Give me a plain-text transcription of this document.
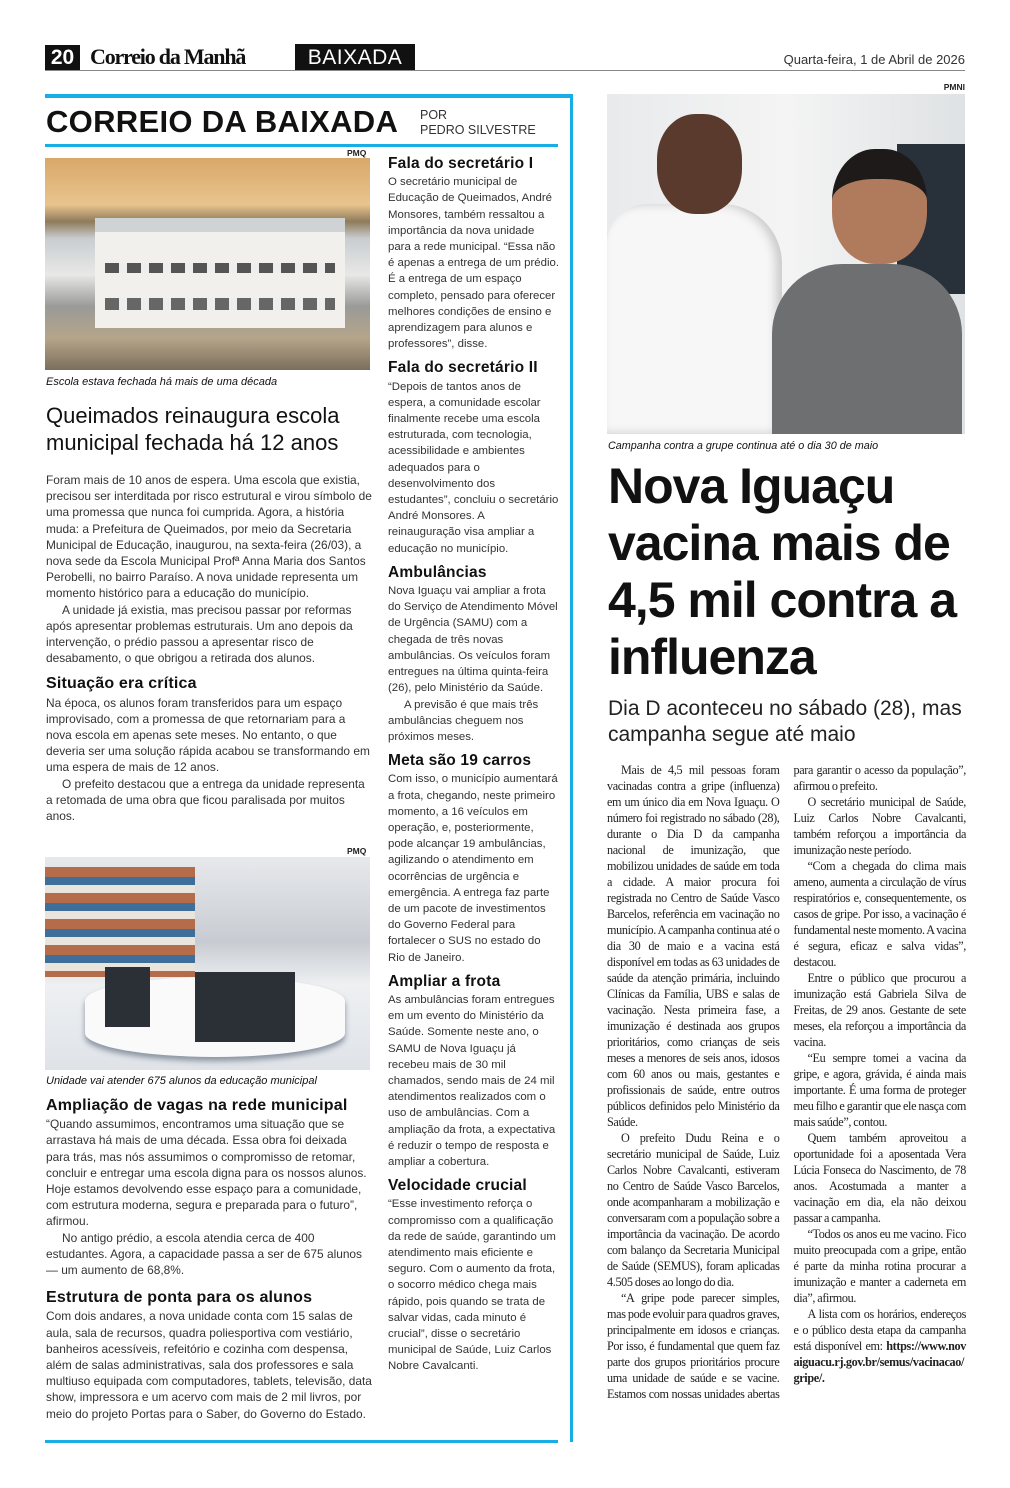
20 Correio da Manhã	BAIXADA	Quarta-feira, 1 de Abril de 2026
CORREIO DA BAIXADA POR
PEDRO SILVESTRE
PMQ
Escola estava fechada há mais de uma década
Queimados reinaugura escola municipal fechada há 12 anos

Foram mais de 10 anos de espera. Uma escola que existia, precisou ser interditada por risco estrutural e virou símbolo de uma promessa que nunca foi cumprida. Agora, a história muda: a Prefeitura de Queimados, por meio da Secretaria Municipal de Educação, inaugurou, na sexta-feira (26/03), a nova sede da Escola Municipal Profª Anna Maria dos Santos Perobelli, no bairro Paraíso. A nova unidade representa um momento histórico para a educação do município.

A unidade já existia, mas precisou passar por reformas após apresentar problemas estruturais. Um ano depois da intervenção, o prédio passou a apresentar risco de desabamento, o que obrigou a retirada dos alunos.

Situação era crítica

Na época, os alunos foram transferidos para um espaço improvisado, com a promessa de que retornariam para a nova escola em apenas sete meses. No entanto, o que deveria ser uma solução rápida acabou se transformando em uma espera de mais de 12 anos.

O prefeito destacou que a entrega da unidade representa a retomada de uma obra que ficou paralisada por muitos anos.

PMQ
Unidade vai atender 675 alunos da educação municipal
Ampliação de vagas na rede municipal

“Quando assumimos, encontramos uma situação que se arrastava há mais de uma década. Essa obra foi deixada para trás, mas nós assumimos o compromisso de retomar, concluir e entregar uma escola digna para os nossos alunos. Hoje estamos devolvendo esse espaço para a comunidade, com estrutura moderna, segura e preparada para o futuro”, afirmou.

No antigo prédio, a escola atendia cerca de 400 estudantes. Agora, a capacidade passa a ser de 675 alunos — um aumento de 68,8%.

Estrutura de ponta para os alunos

Com dois andares, a nova unidade conta com 15 salas de aula, sala de recursos, quadra poliesportiva com vestiário, banheiros acessíveis, refeitório e cozinha com despensa, além de salas administrativas, sala dos professores e sala multiuso equipada com computadores, tablets, televisão, data show, impressora e um acervo com mais de 2 mil livros, por meio do projeto Portas para o Saber, do Governo do Estado.

Fala do secretário I

O secretário municipal de Educação de Queimados, André Monsores, também ressaltou a importância da nova unidade para a rede municipal. “Essa não é apenas a entrega de um prédio. É a entrega de um espaço completo, pensado para oferecer melhores condições de ensino e aprendizagem para alunos e professores”, disse.

Fala do secretário II

“Depois de tantos anos de espera, a comunidade escolar finalmente recebe uma escola estruturada, com tecnologia, acessibilidade e ambientes adequados para o desenvolvimento dos estudantes”, concluiu o secretário André Monsores. A reinauguração visa ampliar a educação no município.

Ambulâncias

Nova Iguaçu vai ampliar a frota do Serviço de Atendimento Móvel de Urgência (SAMU) com a chegada de três novas ambulâncias. Os veículos foram entregues na última quinta-feira (26), pelo Ministério da Saúde.

A previsão é que mais três ambulâncias cheguem nos próximos meses.

Meta são 19 carros

Com isso, o município aumentará a frota, chegando, neste primeiro momento, a 16 veículos em operação, e, posteriormente, pode alcançar 19 ambulâncias, agilizando o atendimento em ocorrências de urgência e emergência. A entrega faz parte de um pacote de investimentos do Governo Federal para fortalecer o SUS no estado do Rio de Janeiro.

Ampliar a frota

As ambulâncias foram entregues em um evento do Ministério da Saúde. Somente neste ano, o SAMU de Nova Iguaçu já recebeu mais de 30 mil chamados, sendo mais de 24 mil atendimentos realizados com o uso de ambulâncias. Com a ampliação da frota, a expectativa é reduzir o tempo de resposta e ampliar a cobertura.

Velocidade crucial

“Esse investimento reforça o compromisso com a qualificação da rede de saúde, garantindo um atendimento mais eficiente e seguro. Com o aumento da frota, o socorro médico chega mais rápido, pois quando se trata de salvar vidas, cada minuto é crucial”, disse o secretário municipal de Saúde, Luiz Carlos Nobre Cavalcanti.

PMNI
Campanha contra a grupe continua até o dia 30 de maio
Nova Iguaçu vacina mais de 4,5 mil contra a influenza
Dia D aconteceu no sábado (28), mas campanha segue até maio

Mais de 4,5 mil pessoas foram vacinadas contra a gripe (influenza) em um único dia em Nova Iguaçu. O número foi registrado no sábado (28), durante o Dia D da campanha nacional de imunização, que mobilizou unidades de saúde em toda a cidade. A maior procura foi registrada no Centro de Saúde Vasco Barcelos, referência em vacinação no município. A campanha continua até o dia 30 de maio e a vacina está disponível em todas as 63 unidades de saúde da atenção primária, incluindo Clínicas da Família, UBS e salas de vacinação. Nesta primeira fase, a imunização é destinada aos grupos prioritários, como crianças de seis meses a menores de seis anos, idosos com 60 anos ou mais, gestantes e profissionais de saúde, entre outros públicos definidos pelo Ministério da Saúde.

O prefeito Dudu Reina e o secretário municipal de Saúde, Luiz Carlos Nobre Cavalcanti, estiveram no Centro de Saúde Vasco Barcelos, onde acompanharam a mobilização e conversaram com a população sobre a importância da vacinação. De acordo com balanço da Secretaria Municipal de Saúde (SEMUS), foram aplicadas 4.505 doses ao longo do dia.

“A gripe pode parecer simples, mas pode evoluir para quadros graves, principalmente em idosos e crianças. Por isso, é fundamental que quem faz parte dos grupos prioritários procure uma unidade de saúde e se vacine. Estamos com nossas unidades abertas para garantir o acesso da população”, afirmou o prefeito.

O secretário municipal de Saúde, Luiz Carlos Nobre Cavalcanti, também reforçou a importância da imunização neste período.

“Com a chegada do clima mais ameno, aumenta a circulação de vírus respiratórios e, consequentemente, os casos de gripe. Por isso, a vacinação é fundamental neste momento. A vacina é segura, eficaz e salva vidas”, destacou.

Entre o público que procurou a imunização está Gabriela Silva de Freitas, de 29 anos. Gestante de sete meses, ela reforçou a importância da vacina.

“Eu sempre tomei a vacina da gripe, e agora, grávida, é ainda mais importante. É uma forma de proteger meu filho e garantir que ele nasça com mais saúde”, contou.

Quem também aproveitou a oportunidade foi a aposentada Vera Lúcia Fonseca do Nascimento, de 78 anos. Acostumada a manter a vacinação em dia, ela não deixou passar a campanha.

“Todos os anos eu me vacino. Fico muito preocupada com a gripe, então é parte da minha rotina procurar a imunização e manter a caderneta em dia”, afirmou.

A lista com os horários, endereços e o público desta etapa da campanha está disponível em: https://www.novaiguacu.rj.gov.br/semus/vacinacao/gripe/.
